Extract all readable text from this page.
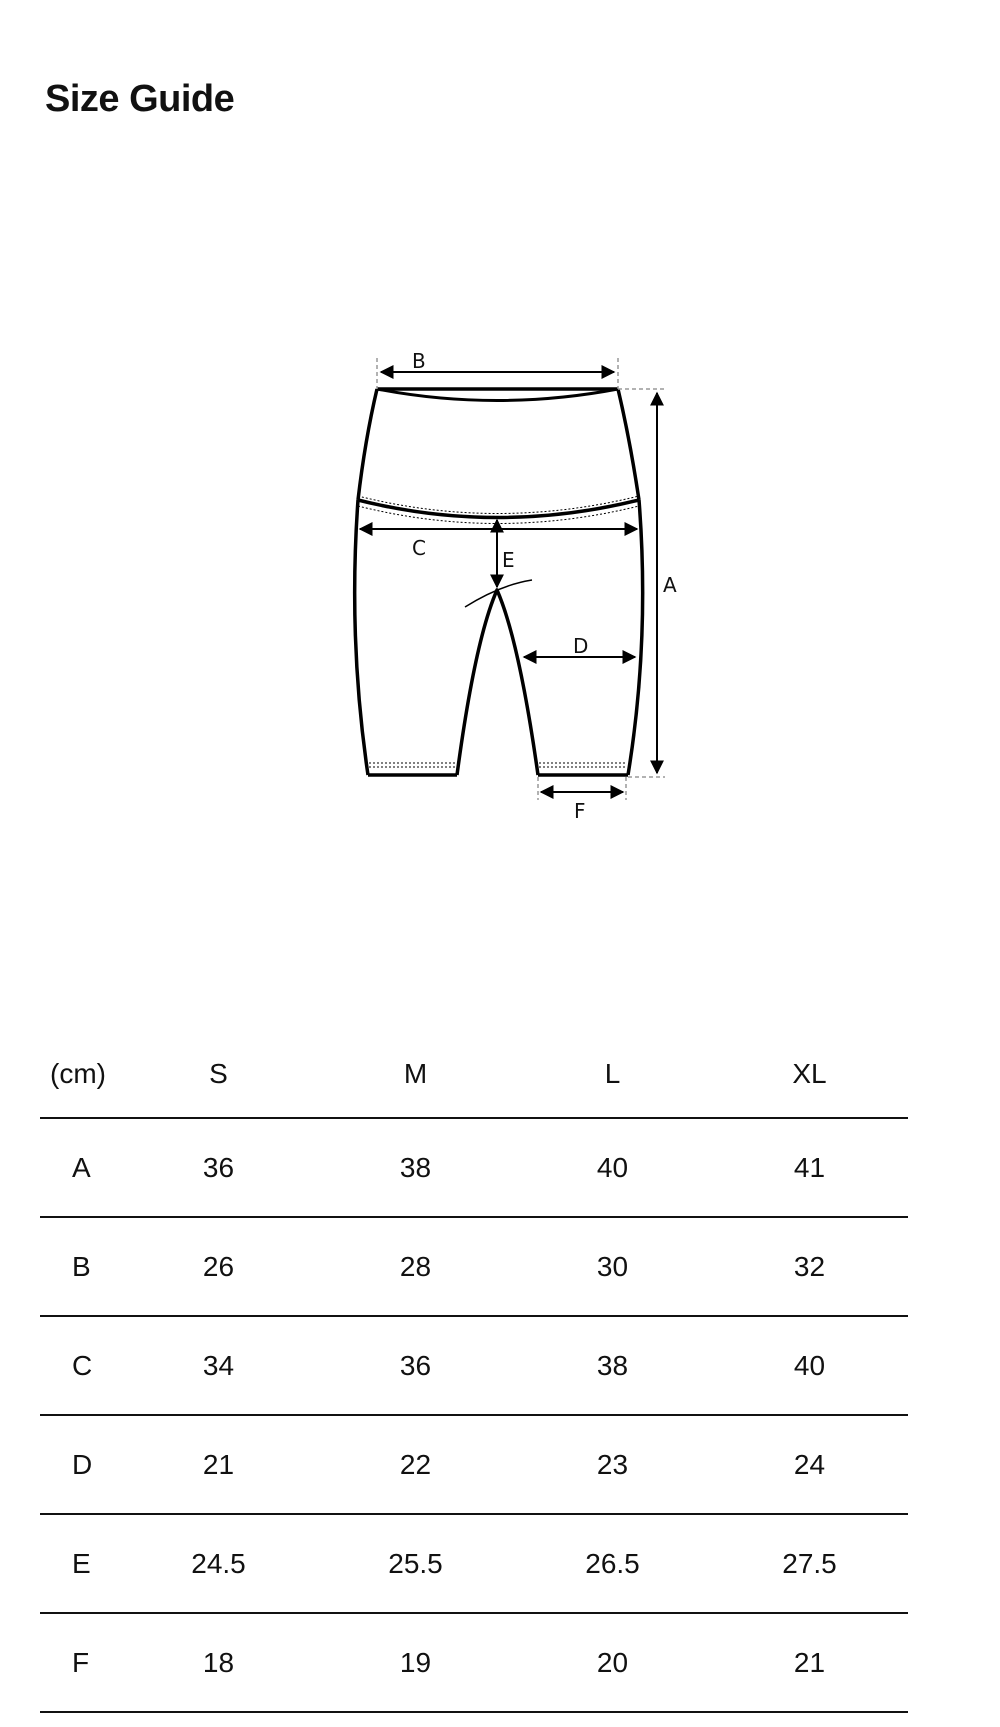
Size Guide
B
A
C	E
D
F
(cm)	S	M	L	XL
A	36	38	40	41
B	26	28	30	32
C	34	36	38	40
D	21	22	23	24
E	24.5	25.5	26.5	27.5
F	18	19	20	21
